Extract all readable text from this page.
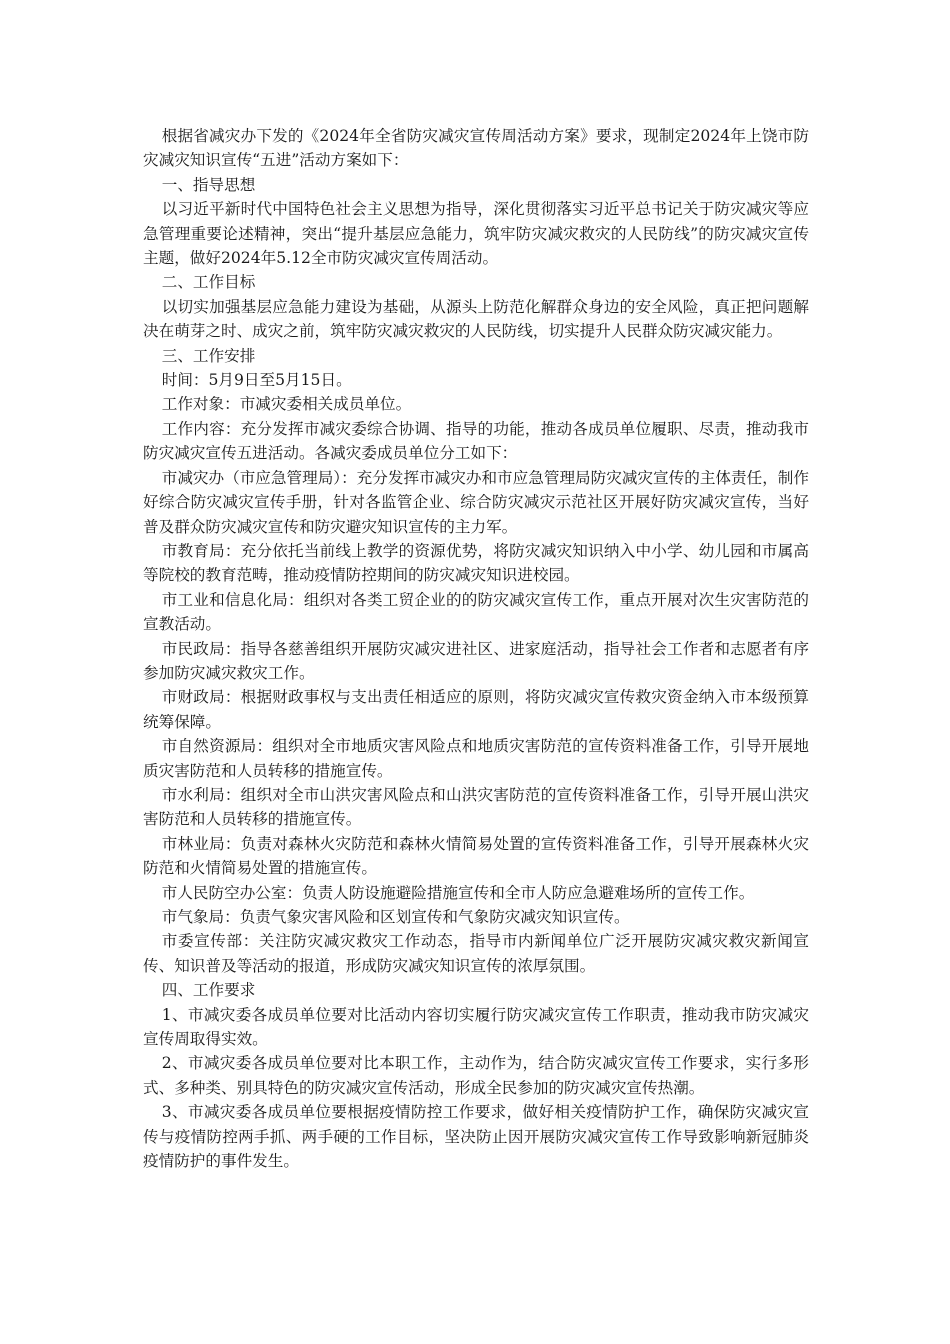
根据省减灾办下发的《2024年全省防灾减灾宣传周活动方案》要求，现制定2024年上饶市防灾减灾知识宣传“五进”活动方案如下：

一、指导思想

以习近平新时代中国特色社会主义思想为指导，深化贯彻落实习近平总书记关于防灾减灾等应急管理重要论述精神，突出“提升基层应急能力，筑牢防灾减灾救灾的人民防线”的防灾减灾宣传主题，做好2024年5.12全市防灾减灾宣传周活动。

二、工作目标

以切实加强基层应急能力建设为基础，从源头上防范化解群众身边的安全风险，真正把问题解决在萌芽之时、成灾之前，筑牢防灾减灾救灾的人民防线，切实提升人民群众防灾减灾能力。

三、工作安排

时间：5月9日至5月15日。

工作对象：市减灾委相关成员单位。

工作内容：充分发挥市减灾委综合协调、指导的功能，推动各成员单位履职、尽责，推动我市防灾减灾宣传五进活动。各减灾委成员单位分工如下：

市减灾办（市应急管理局）：充分发挥市减灾办和市应急管理局防灾减灾宣传的主体责任，制作好综合防灾减灾宣传手册，针对各监管企业、综合防灾减灾示范社区开展好防灾减灾宣传，当好普及群众防灾减灾宣传和防灾避灾知识宣传的主力军。

市教育局：充分依托当前线上教学的资源优势，将防灾减灾知识纳入中小学、幼儿园和市属高等院校的教育范畴，推动疫情防控期间的防灾减灾知识进校园。

市工业和信息化局：组织对各类工贸企业的的防灾减灾宣传工作，重点开展对次生灾害防范的宣教活动。

市民政局：指导各慈善组织开展防灾减灾进社区、进家庭活动，指导社会工作者和志愿者有序参加防灾减灾救灾工作。

市财政局：根据财政事权与支出责任相适应的原则，将防灾减灾宣传救灾资金纳入市本级预算统筹保障。

市自然资源局：组织对全市地质灾害风险点和地质灾害防范的宣传资料准备工作，引导开展地质灾害防范和人员转移的措施宣传。

市水利局：组织对全市山洪灾害风险点和山洪灾害防范的宣传资料准备工作，引导开展山洪灾害防范和人员转移的措施宣传。

市林业局：负责对森林火灾防范和森林火情简易处置的宣传资料准备工作，引导开展森林火灾防范和火情简易处置的措施宣传。

市人民防空办公室：负责人防设施避险措施宣传和全市人防应急避难场所的宣传工作。

市气象局：负责气象灾害风险和区划宣传和气象防灾减灾知识宣传。

市委宣传部：关注防灾减灾救灾工作动态，指导市内新闻单位广泛开展防灾减灾救灾新闻宣传、知识普及等活动的报道，形成防灾减灾知识宣传的浓厚氛围。

四、工作要求

1、市减灾委各成员单位要对比活动内容切实履行防灾减灾宣传工作职责，推动我市防灾减灾宣传周取得实效。

2、市减灾委各成员单位要对比本职工作，主动作为，结合防灾减灾宣传工作要求，实行多形式、多种类、别具特色的防灾减灾宣传活动，形成全民参加的防灾减灾宣传热潮。

3、市减灾委各成员单位要根据疫情防控工作要求，做好相关疫情防护工作，确保防灾减灾宣传与疫情防控两手抓、两手硬的工作目标，坚决防止因开展防灾减灾宣传工作导致影响新冠肺炎疫情防护的事件发生。
